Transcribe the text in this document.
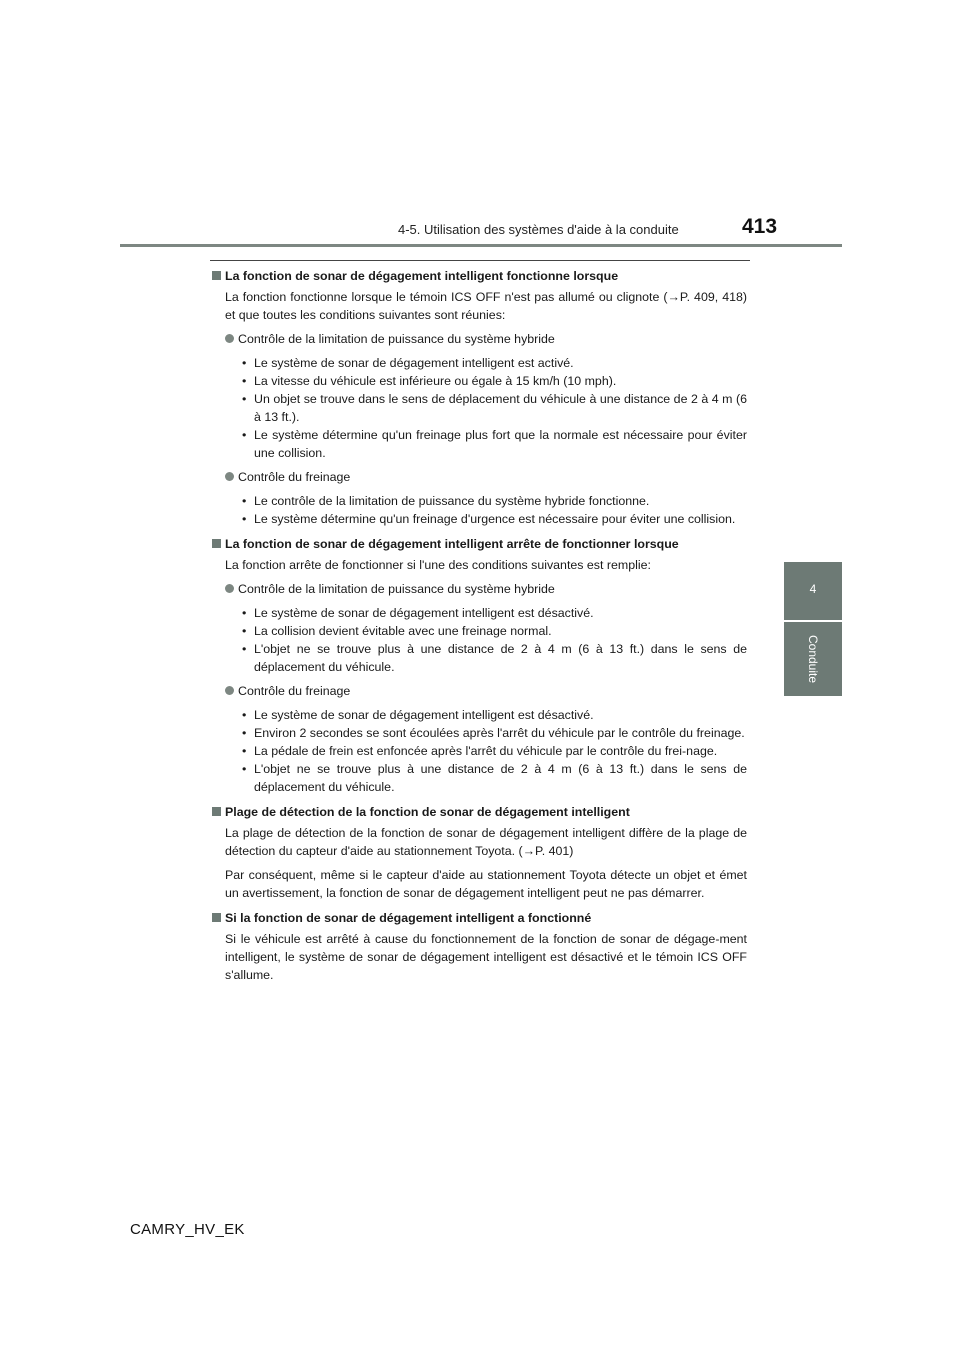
4-5. Utilisation des systèmes d'aide à la conduite	413
4
Conduite
La fonction de sonar de dégagement intelligent fonctionne lorsque
La fonction fonctionne lorsque le témoin ICS OFF n'est pas allumé ou clignote (→P. 409, 418) et que toutes les conditions suivantes sont réunies:
Contrôle de la limitation de puissance du système hybride
• Le système de sonar de dégagement intelligent est activé.
• La vitesse du véhicule est inférieure ou égale à 15 km/h (10 mph).
• Un objet se trouve dans le sens de déplacement du véhicule à une distance de 2 à 4 m (6 à 13 ft.).
• Le système détermine qu'un freinage plus fort que la normale est nécessaire pour éviter une collision.
Contrôle du freinage
• Le contrôle de la limitation de puissance du système hybride fonctionne.
• Le système détermine qu'un freinage d'urgence est nécessaire pour éviter une collision.
La fonction de sonar de dégagement intelligent arrête de fonctionner lorsque
La fonction arrête de fonctionner si l'une des conditions suivantes est remplie:
Contrôle de la limitation de puissance du système hybride
• Le système de sonar de dégagement intelligent est désactivé.
• La collision devient évitable avec une freinage normal.
• L'objet ne se trouve plus à une distance de 2 à 4 m (6 à 13 ft.) dans le sens de déplacement du véhicule.
Contrôle du freinage
• Le système de sonar de dégagement intelligent est désactivé.
• Environ 2 secondes se sont écoulées après l'arrêt du véhicule par le contrôle du freinage.
• La pédale de frein est enfoncée après l'arrêt du véhicule par le contrôle du frei-nage.
• L'objet ne se trouve plus à une distance de 2 à 4 m (6 à 13 ft.) dans le sens de déplacement du véhicule.
Plage de détection de la fonction de sonar de dégagement intelligent
La plage de détection de la fonction de sonar de dégagement intelligent diffère de la plage de détection du capteur d'aide au stationnement Toyota. (→P. 401)
Par conséquent, même si le capteur d'aide au stationnement Toyota détecte un objet et émet un avertissement, la fonction de sonar de dégagement intelligent peut ne pas démarrer.
Si la fonction de sonar de dégagement intelligent a fonctionné
Si le véhicule est arrêté à cause du fonctionnement de la fonction de sonar de dégage-ment intelligent, le système de sonar de dégagement intelligent est désactivé et le témoin ICS OFF s'allume.
CAMRY_HV_EK
